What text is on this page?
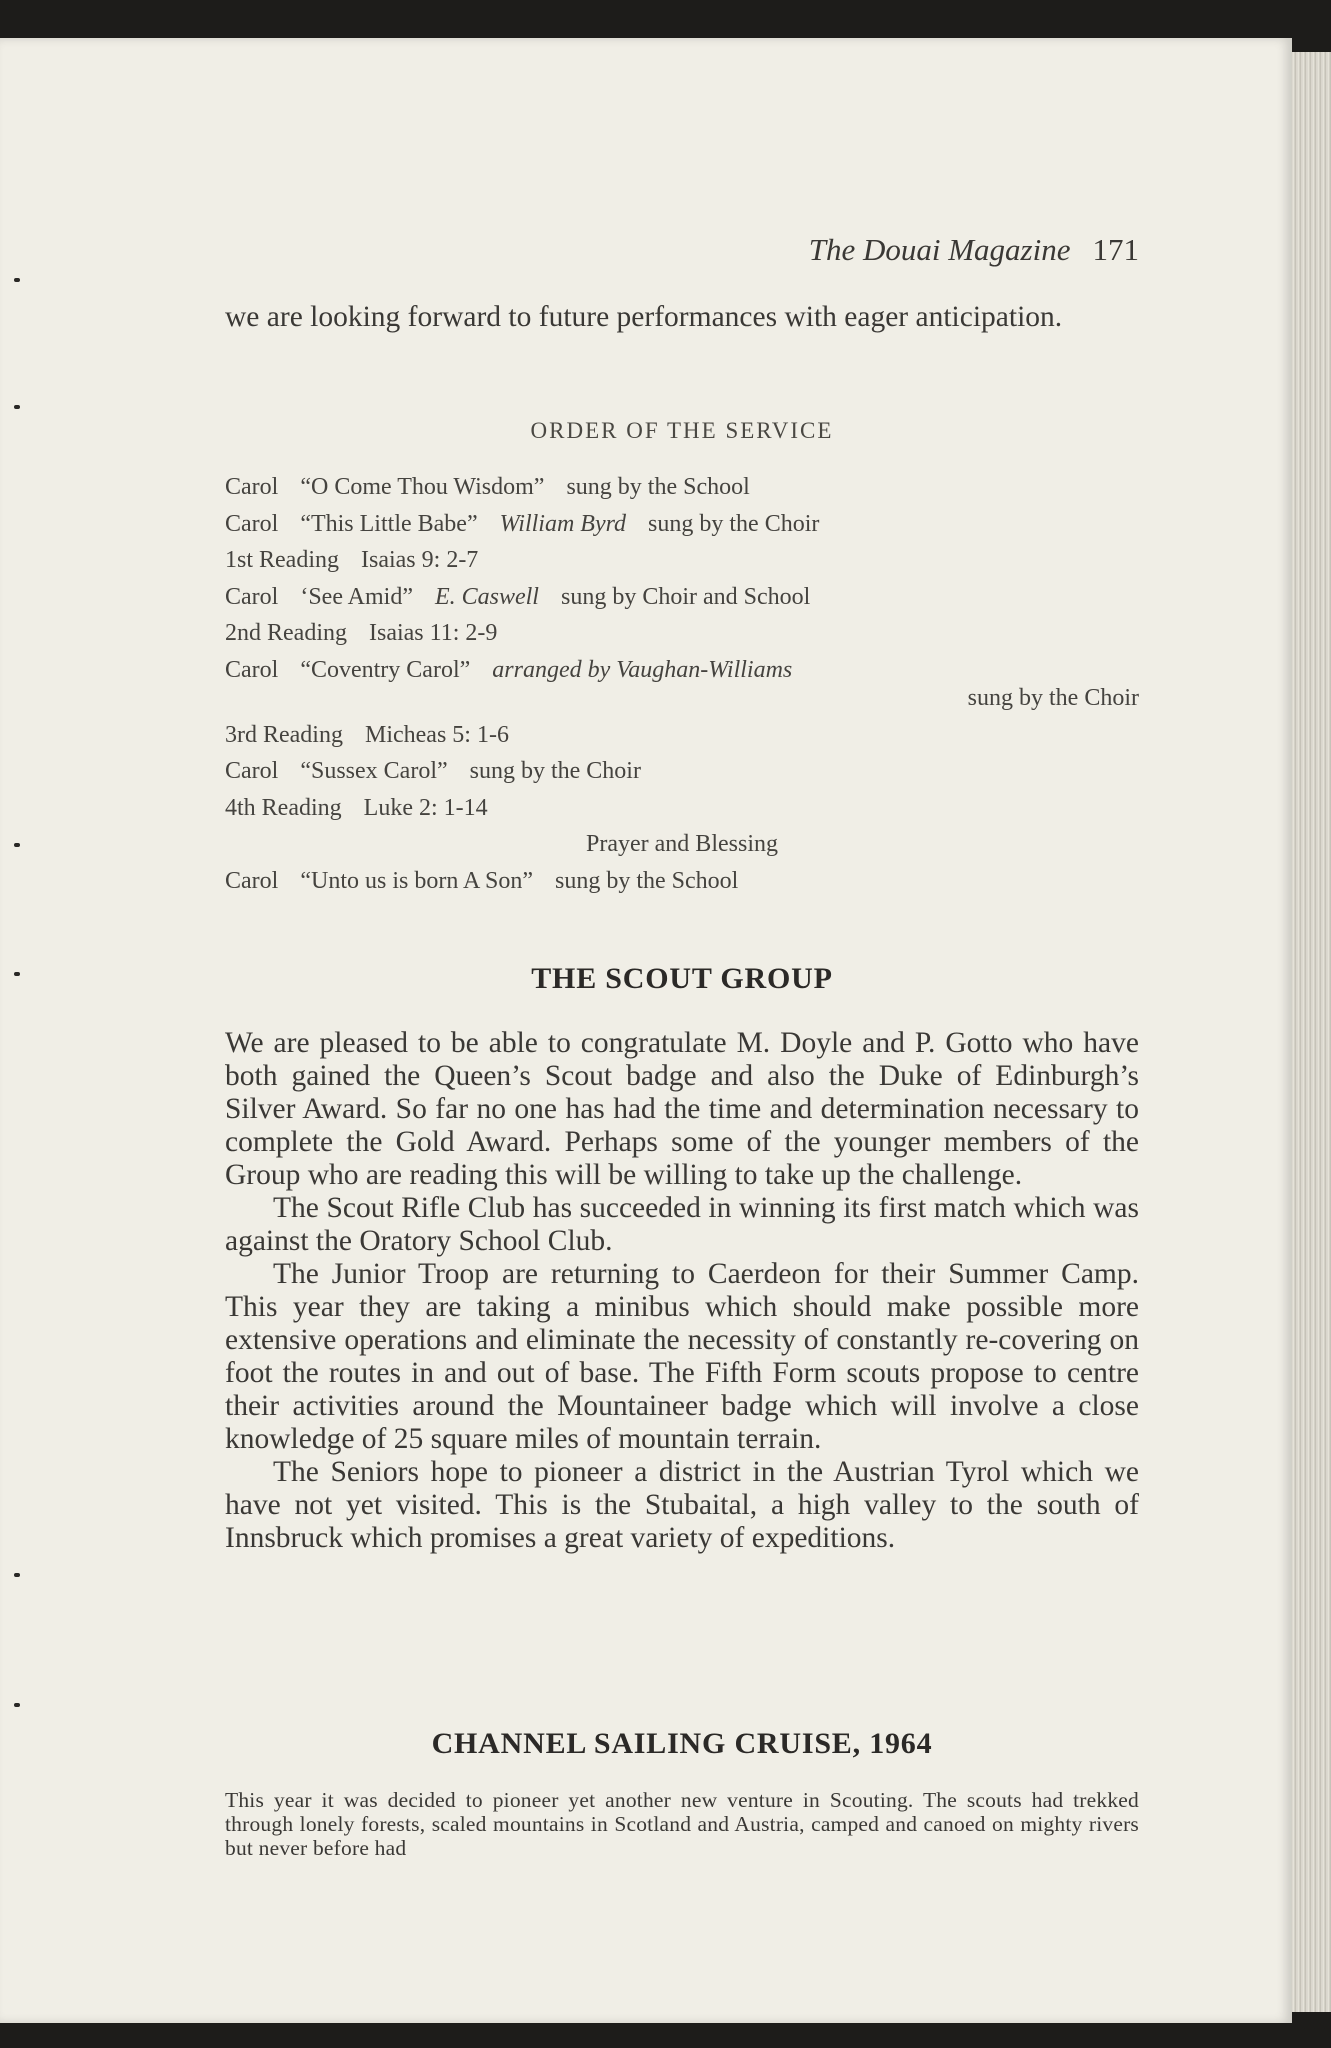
The Douai Magazine 171

we are looking forward to future performances with eager anticipation.

ORDER OF THE SERVICE
Carol “O Come Thou Wisdom” sung by the School
Carol “This Little Babe” William Byrd sung by the Choir
1st Reading Isaias 9: 2-7
Carol ‘See Amid” E. Caswell sung by Choir and School
2nd Reading Isaias 11: 2-9
Carol “Coventry Carol” arranged by Vaughan-Williams
sung by the Choir
3rd Reading Micheas 5: 1-6
Carol “Sussex Carol” sung by the Choir
4th Reading Luke 2: 1-14
Prayer and Blessing
Carol “Unto us is born A Son” sung by the School
THE SCOUT GROUP

We are pleased to be able to congratulate M. Doyle and P. Gotto who have both gained the Queen’s Scout badge and also the Duke of Edinburgh’s Silver Award. So far no one has had the time and determination necessary to complete the Gold Award. Perhaps some of the younger members of the Group who are reading this will be willing to take up the challenge.

The Scout Rifle Club has succeeded in winning its first match which was against the Oratory School Club.

The Junior Troop are returning to Caerdeon for their Summer Camp. This year they are taking a minibus which should make possible more extensive operations and eliminate the necessity of constantly re-covering on foot the routes in and out of base. The Fifth Form scouts propose to centre their activities around the Mountaineer badge which will involve a close knowledge of 25 square miles of mountain terrain.

The Seniors hope to pioneer a district in the Austrian Tyrol which we have not yet visited. This is the Stubaital, a high valley to the south of Innsbruck which promises a great variety of expeditions.

CHANNEL SAILING CRUISE, 1964

This year it was decided to pioneer yet another new venture in Scouting. The scouts had trekked through lonely forests, scaled mountains in Scotland and Austria, camped and canoed on mighty rivers but never before had
